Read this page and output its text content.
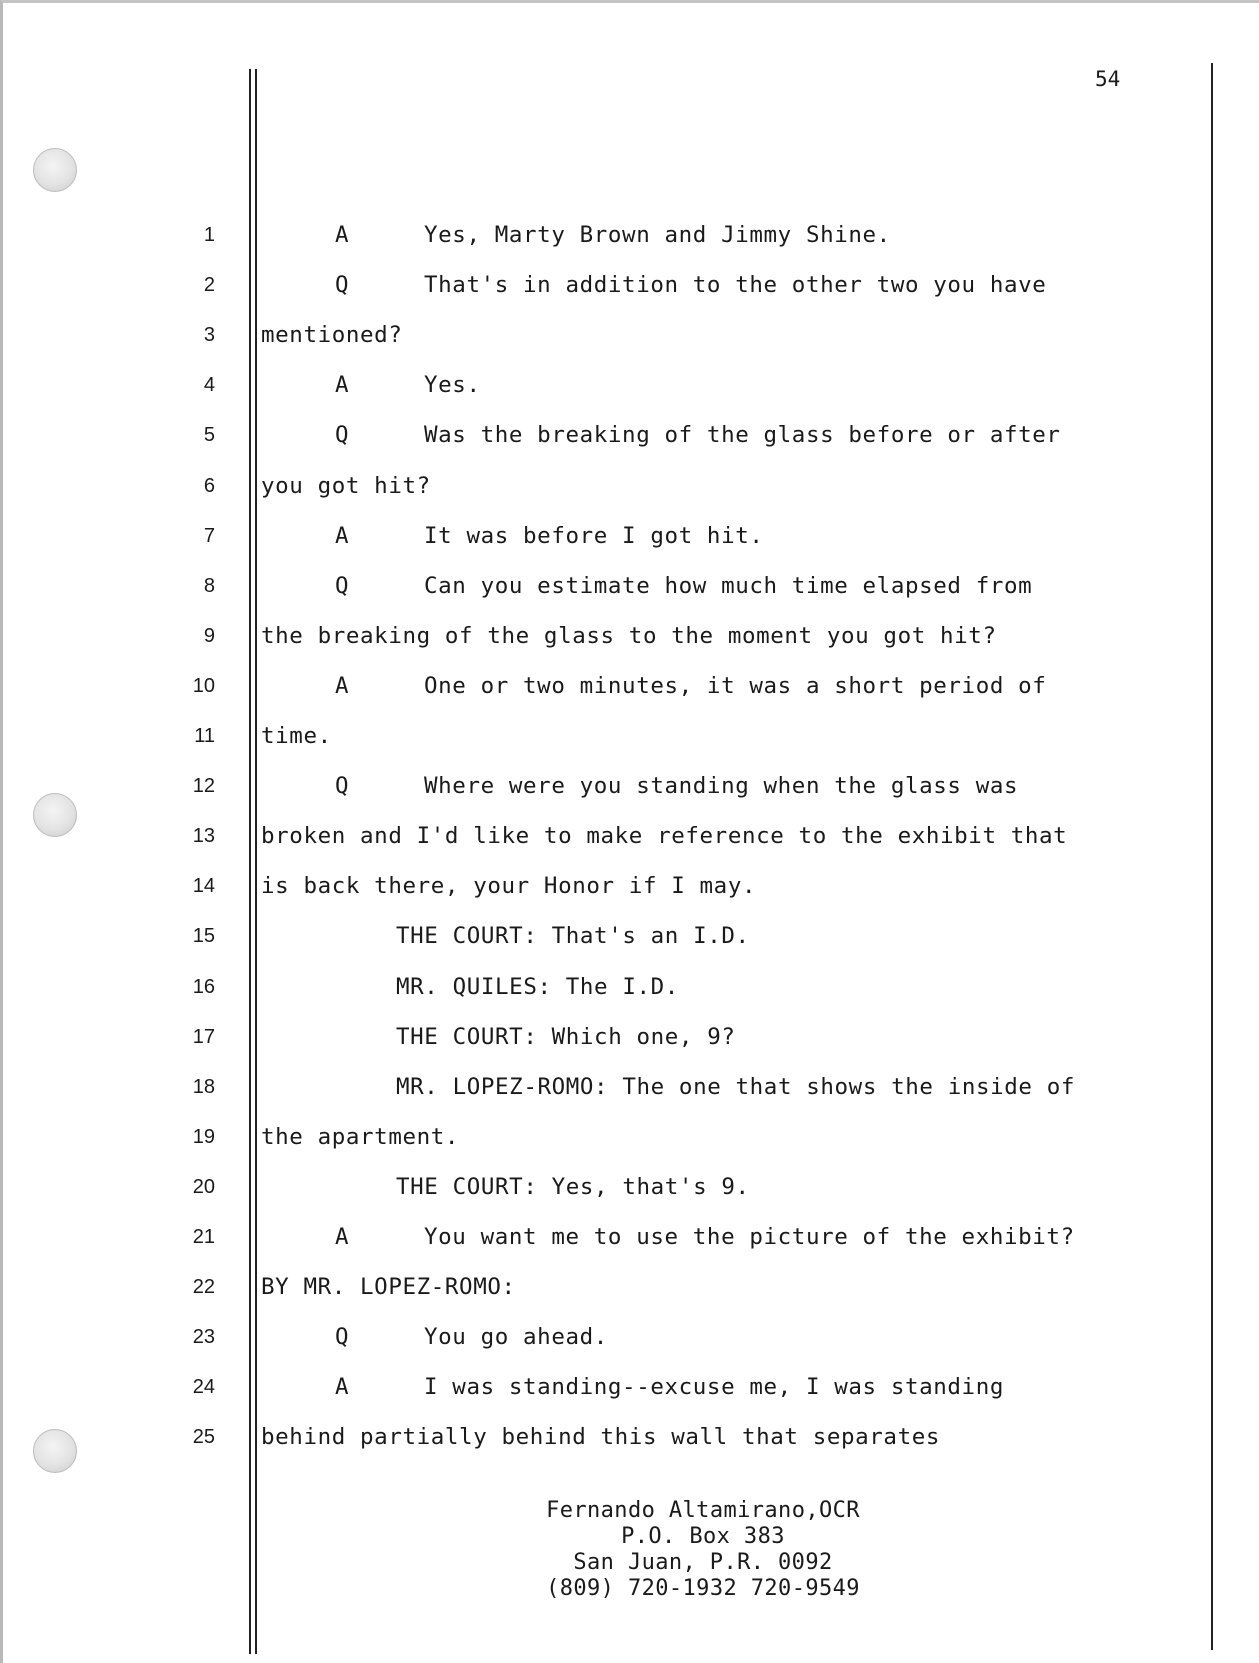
54
1	A	Yes, Marty Brown and Jimmy Shine.
2	Q	That's in addition to the other two you have
3 mentioned?
4	A	Yes.
5	Q	Was the breaking of the glass before or after
6 you got hit?
7	A	It was before I got hit.
8	Q	Can you estimate how much time elapsed from
9 the breaking of the glass to the moment you got hit?
10	A	One or two minutes, it was a short period of
11 time.
12	Q	Where were you standing when the glass was
13 broken and I'd like to make reference to the exhibit that
14 is back there, your Honor if I may.
15	THE COURT: That's an I.D.
16	MR. QUILES: The I.D.
17	THE COURT: Which one, 9?
18	MR. LOPEZ-ROMO: The one that shows the inside of
19 the apartment.
20	THE COURT: Yes, that's 9.
21	A	You want me to use the picture of the exhibit?
22 BY MR. LOPEZ-ROMO:
23	Q	You go ahead.
24	A	I was standing--excuse me, I was standing
25 behind partially behind this wall that separates
Fernando Altamirano,OCR
P.O. Box 383
San Juan, P.R. 0092
(809) 720-1932 720-9549
